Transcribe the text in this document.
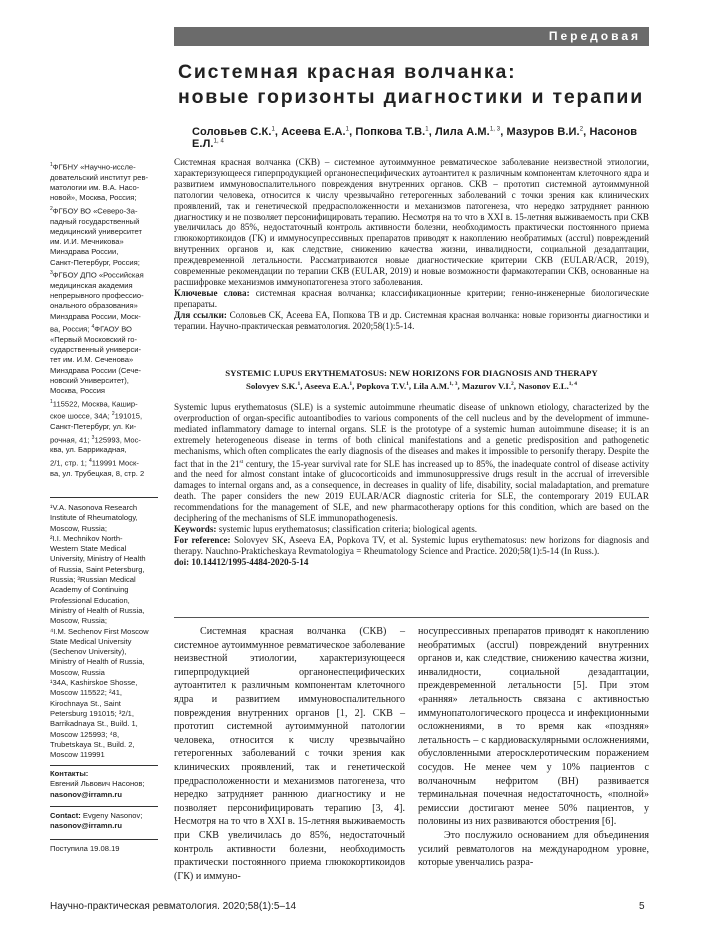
Передовая
Системная красная волчанка:
новые горизонты диагностики и терапии
Соловьев С.К.$^1$, Асеева Е.А.$^1$, Попкова Т.В.$^1$, Лила А.М.$^{1, 3}$, Мазуров В.И.$^2$, Насонов Е.Л.$^{1, 4}$
$^1$ФГБНУ «Научно-иссле-
довательский институт рев-
матологии им. В.А. Насо-
новой», Москва, Россия;
$^2$ФГБОУ ВО «Северо-За-
падный государственный
медицинский университет
им. И.И. Мечникова»
Минздрава России,
Санкт-Петербург, Россия;
$^3$ФГБОУ ДПО «Российская
медицинская академия
непрерывного профессио-
онального образования»
Минздрава России, Моск-
ва, Россия; $^4$ФГАОУ ВО
«Первый Московский го-
сударственный универси-
тет им. И.М. Сеченова»
Минздрава России (Сече-
новский Университет),
Москва, Россия
$^1$115522, Москва, Кашир-
ское шоссе, 34А; $^2$191015,
Санкт-Петербург, ул. Ки-
рочная, 41; $^3$125993, Мос-
ква, ул. Баррикадная,
2/1, стр. 1; $^4$119991 Моск-
ва, ул. Трубецкая, 8, стр. 2
¹V.A. Nasonova Research
Institute of Rheumatology,
Moscow, Russia;
²I.I. Mechnikov North-
Western State Medical
University, Ministry of Health
of Russia, Saint Petersburg,
Russia; ³Russian Medical
Academy of Continuing
Professional Education,
Ministry of Health of Russia,
Moscow, Russia;
⁴I.M. Sechenov First Moscow
State Medical University
(Sechenov University),
Ministry of Health of Russia,
Moscow, Russia
¹34A, Kashirskoe Shosse,
Moscow 115522; ²41,
Kirochnaya St., Saint
Petersburg 191015; ³2/1,
Barrikadnaya St., Build. 1,
Moscow 125993; ⁴8,
Trubetskaya St., Build. 2,
Moscow 119991
Контакты:
Евгений Львович Насонов;
nasonov@irramn.ru
Contact: Evgeny Nasonov;
nasonov@irramn.ru
Поступила 19.08.19
Системная красная волчанка (СКВ) – системное аутоиммунное ревматическое заболевание неизвестной этиологии, характеризующееся гиперпродукцией органонеспецифических аутоантител к различным компонентам клеточного ядра и развитием иммуновоспалительного повреждения внутренних органов. СКВ – прототип системной аутоиммунной патологии человека, относится к числу чрезвычайно гетерогенных заболеваний с точки зрения как клинических проявлений, так и генетической предрасположенности и механизмов патогенеза, что нередко затрудняет раннюю диагностику и не позволяет персонифицировать терапию. Несмотря на то что в XXI в. 15-летняя выживаемость при СКВ увеличилась до 85%, недостаточный контроль активности болезни, необходимость практически постоянного приема глюкокортикоидов (ГК) и иммуносупрессивных препаратов приводят к накоплению необратимых (accrul) повреждений внутренних органов и, как следствие, снижению качества жизни, инвалидности, социальной дезадаптации, преждевременной летальности. Рассматриваются новые диагностические критерии СКВ (EULAR/ACR, 2019), современные рекомендации по терапии СКВ (EULAR, 2019) и новые возможности фармакотерапии СКВ, основанные на расшифровке механизмов иммунопатогенеза этого заболевания.
Ключевые слова: системная красная волчанка; классификационные критерии; генно-инженерные биологические препараты.
Для ссылки: Соловьев СК, Асеева ЕА, Попкова ТВ и др. Системная красная волчанка: новые горизонты диагностики и терапии. Научно-практическая ревматология. 2020;58(1):5-14.
SYSTEMIC LUPUS ERYTHEMATOSUS: NEW HORIZONS FOR DIAGNOSIS AND THERAPY
Solovyev S.K.$^1$, Aseeva E.A.$^1$, Popkova T.V.$^1$, Lila A.M.$^{1, 3}$, Mazurov V.I.$^2$, Nasonov E.L.$^{1, 4}$
Systemic lupus erythematosus (SLE) is a systemic autoimmune rheumatic disease of unknown etiology, characterized by the overproduction of organ-specific autoantibodies to various components of the cell nucleus and by the development of immune-mediated inflammatory damage to internal organs. SLE is the prototype of a systemic human autoimmune disease; it is an extremely heterogeneous disease in terms of both clinical manifestations and a genetic predisposition and pathogenetic mechanisms, which often complicates the early diagnosis of the diseases and makes it impossible to personify therapy. Despite the fact that in the 21st century, the 15-year survival rate for SLE has increased up to 85%, the inadequate control of disease activity and the need for almost constant intake of glucocorticoids and immunosuppressive drugs result in the accrual of irreversible damages to internal organs and, as a consequence, in decreases in quality of life, disability, social maladaptation, and premature death. The paper considers the new 2019 EULAR/ACR diagnostic criteria for SLE, the contemporary 2019 EULAR recommendations for the management of SLE, and new pharmacotherapy options for this condition, which are based on the deciphering of the mechanisms of SLE immunopathogenesis.
Keywords: systemic lupus erythematosus; classification criteria; biological agents.
For reference: Solovyev SK, Aseeva EA, Popkova TV, et al. Systemic lupus erythematosus: new horizons for diagnosis and therapy. Nauchno-Prakticheskaya Revmatologiya = Rheumatology Science and Practice. 2020;58(1):5-14 (In Russ.).
doi: 10.14412/1995-4484-2020-5-14

Системная красная волчанка (СКВ) – системное аутоиммунное ревматическое заболевание неизвестной этиологии, характеризующееся гиперпродукцией органонеспецифических аутоантител к различным компонентам клеточного ядра и развитием иммуновоспалительного повреждения внутренних органов [1, 2]. СКВ – прототип системной аутоиммунной патологии человека, относится к числу чрезвычайно гетерогенных заболеваний с точки зрения как клинических проявлений, так и генетической предрасположенности и механизмов патогенеза, что нередко затрудняет раннюю диагностику и не позволяет персонифицировать терапию [3, 4]. Несмотря на то что в XXI в. 15-летняя выживаемость при СКВ увеличилась до 85%, недостаточный контроль активности болезни, необходимость практически постоянного приема глюкокортикоидов (ГК) и иммуно-

носупрессивных препаратов приводят к накоплению необратимых (accrul) повреждений внутренних органов и, как следствие, снижению качества жизни, инвалидности, социальной дезадаптации, преждевременной летальности [5]. При этом «ранняя» летальность связана с активностью иммунопатологического процесса и инфекционными осложнениями, в то время как «поздняя» летальность – с кардиоваскулярными осложнениями, обусловленными атеросклеротическим поражением сосудов. Не менее чем у 10% пациентов с волчаночным нефритом (ВН) развивается терминальная почечная недостаточность, «полной» ремиссии достигают менее 50% пациентов, у половины из них развиваются обострения [6].

Это послужило основанием для объединения усилий ревматологов на международном уровне, которые увенчались разра-

Научно-практическая ревматология. 2020;58(1):5–14	5
